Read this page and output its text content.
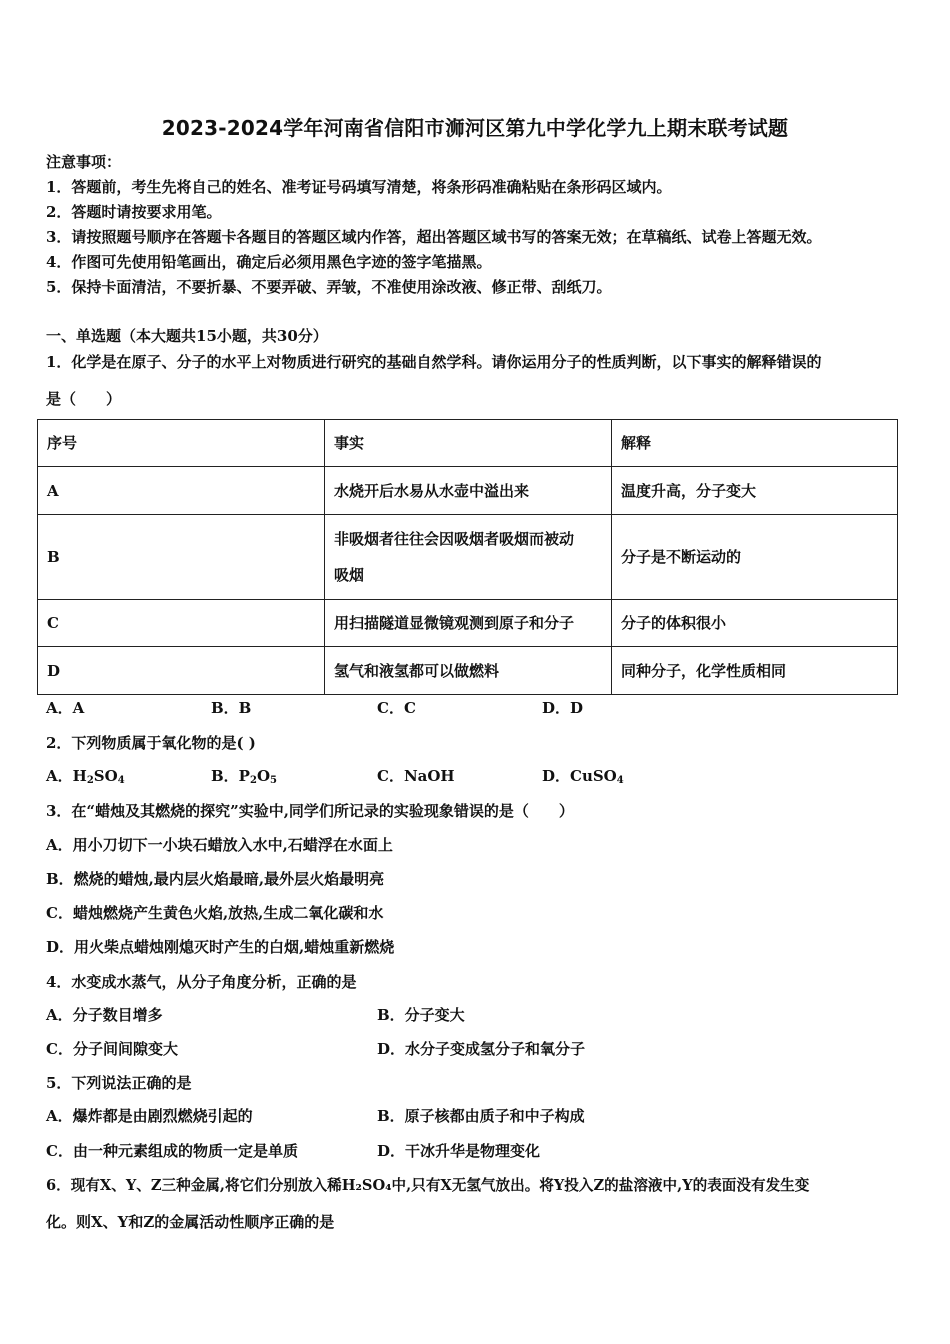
2023-2024学年河南省信阳市浉河区第九中学化学九上期末联考试题
注意事项：
1．答题前，考生先将自己的姓名、准考证号码填写清楚，将条形码准确粘贴在条形码区域内。
2．答题时请按要求用笔。
3．请按照题号顺序在答题卡各题目的答题区域内作答，超出答题区域书写的答案无效；在草稿纸、试卷上答题无效。
4．作图可先使用铅笔画出，确定后必须用黑色字迹的签字笔描黑。
5．保持卡面清洁，不要折暴、不要弄破、弄皱，不准使用涂改液、修正带、刮纸刀。
一、单选题（本大题共15小题，共30分）
1．化学是在原子、分子的水平上对物质进行研究的基础自然学科。请你运用分子的性质判断，以下事实的解释错误的
是（　　）
序号	事实	解释
A	水烧开后水易从水壶中溢出来	温度升高，分子变大
B	非吸烟者往往会因吸烟者吸烟而被动
吸烟	分子是不断运动的
C	用扫描隧道显微镜观测到原子和分子	分子的体积很小
D	氢气和液氢都可以做燃料	同种分子，化学性质相同
A．A	B．B	C．C	D．D
2．下列物质属于氧化物的是( )
A．$H_2SO_4$	B．$P_2O_5$	C．NaOH	D．CuSO$_4$
3．在“蜡烛及其燃烧的探究”实验中,同学们所记录的实验现象错误的是（　　）
A．用小刀切下一小块石蜡放入水中,石蜡浮在水面上
B．燃烧的蜡烛,最内层火焰最暗,最外层火焰最明亮
C．蜡烛燃烧产生黄色火焰,放热,生成二氧化碳和水
D．用火柴点蜡烛刚熄灭时产生的白烟,蜡烛重新燃烧
4．水变成水蒸气，从分子角度分析，正确的是
A．分子数目增多	B．分子变大
C．分子间间隙变大	D．水分子变成氢分子和氧分子
5．下列说法正确的是
A．爆炸都是由剧烈燃烧引起的	B．原子核都由质子和中子构成
C．由一种元素组成的物质一定是单质	D．干冰升华是物理变化
6．现有X、Y、Z三种金属,将它们分别放入稀H₂SO₄中,只有X无氢气放出。将Y投入Z的盐溶液中,Y的表面没有发生变
化。则X、Y和Z的金属活动性顺序正确的是
